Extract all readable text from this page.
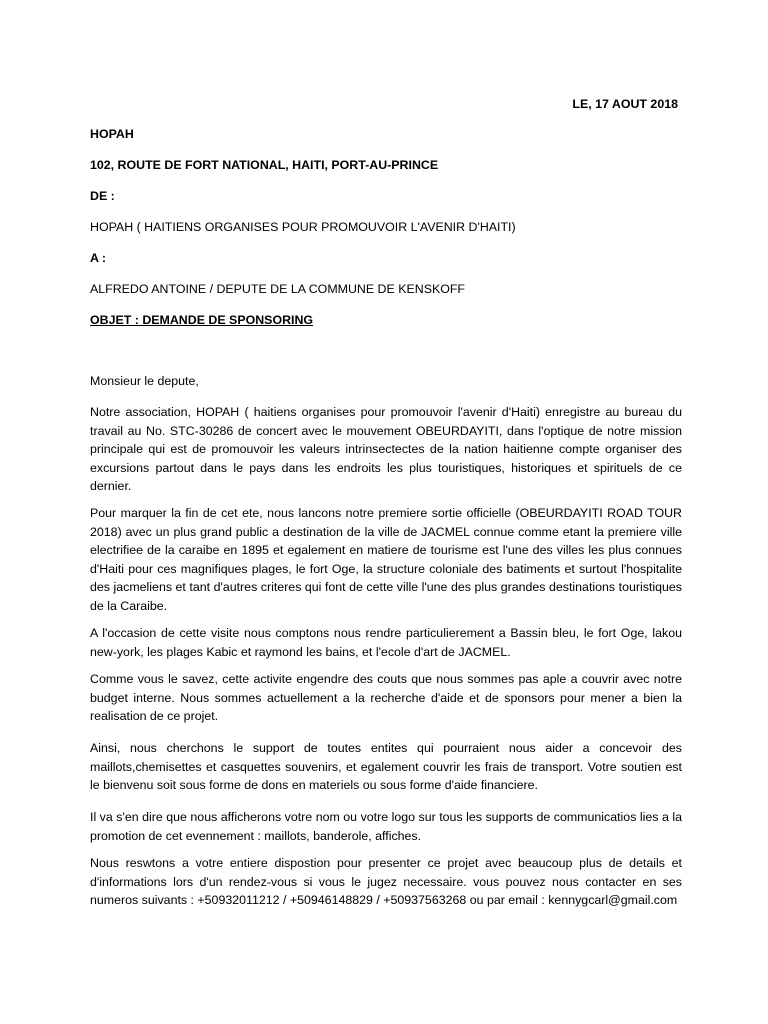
LE, 17 AOUT 2018
HOPAH
102, ROUTE DE FORT NATIONAL, HAITI, PORT-AU-PRINCE
DE :
HOPAH ( HAITIENS ORGANISES POUR PROMOUVOIR L'AVENIR D'HAITI)
A :
ALFREDO ANTOINE / DEPUTE DE LA COMMUNE DE KENSKOFF
OBJET : DEMANDE DE SPONSORING
Monsieur le depute,
Notre association, HOPAH ( haitiens organises pour promouvoir l'avenir d'Haiti) enregistre au bureau du travail au No. STC-30286 de concert avec le mouvement OBEURDAYITI, dans l'optique de notre mission principale qui est de promouvoir les valeurs intrinsectectes de la nation haitienne compte organiser des excursions partout dans le pays dans les endroits les plus touristiques, historiques et spirituels de ce dernier.
Pour marquer la fin de cet ete, nous lancons notre premiere sortie officielle (OBEURDAYITI ROAD TOUR 2018) avec un plus grand public a destination de la ville de JACMEL connue comme etant la premiere ville electrifiee de la caraibe en 1895 et egalement en matiere de tourisme est l'une des villes les plus connues d'Haiti pour ces magnifiques plages, le fort Oge, la structure coloniale des batiments et surtout l'hospitalite des jacmeliens et tant d'autres criteres qui font de cette ville l'une des plus grandes destinations touristiques de la Caraibe.
A l'occasion de cette visite nous comptons nous rendre particulierement a Bassin bleu, le fort Oge, lakou new-york, les plages Kabic et raymond les bains, et l'ecole d'art de JACMEL.
Comme vous le savez, cette activite engendre des couts que nous sommes pas aple a couvrir avec notre budget interne. Nous sommes actuellement a la recherche d'aide et de sponsors pour mener a bien la realisation de ce projet.
Ainsi, nous cherchons le support de toutes entites qui pourraient nous aider a concevoir des maillots,chemisettes et casquettes souvenirs, et egalement couvrir les frais de transport. Votre soutien est le bienvenu soit sous forme de dons en materiels ou sous forme d'aide financiere.
Il va s'en dire que nous afficherons votre nom ou votre logo sur tous les supports de communicatios lies a la promotion de cet evennement : maillots, banderole, affiches.
Nous reswtons a votre entiere dispostion pour presenter ce projet avec beaucoup plus de details et d'informations lors d'un rendez-vous si vous le jugez necessaire. vous pouvez nous contacter en ses numeros suivants : +50932011212 / +50946148829 / +50937563268 ou par email : kennygcarl@gmail.com
